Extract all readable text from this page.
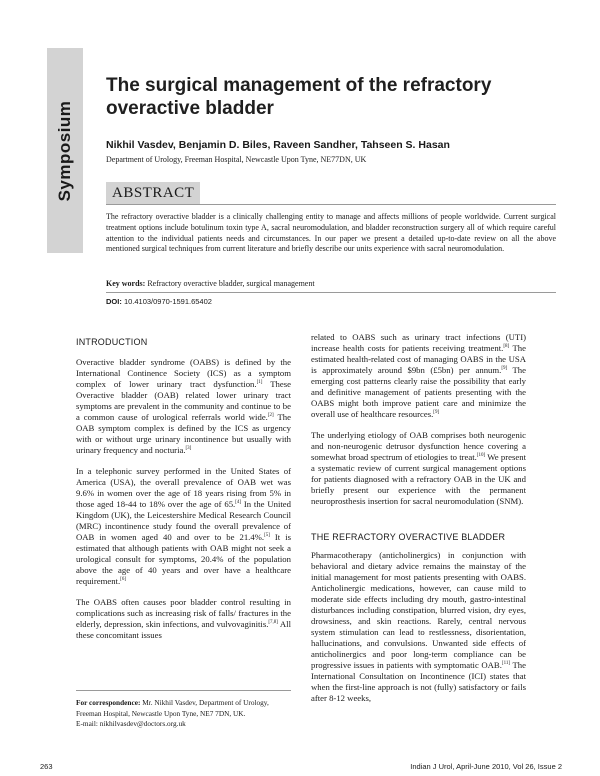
Symposium
The surgical management of the refractory overactive bladder
Nikhil Vasdev, Benjamin D. Biles, Raveen Sandher, Tahseen S. Hasan
Department of Urology, Freeman Hospital, Newcastle Upon Tyne, NE77DN, UK
ABSTRACT

The refractory overactive bladder is a clinically challenging entity to manage and affects millions of people worldwide. Current surgical treatment options include botulinum toxin type A, sacral neuromodulation, and bladder reconstruction surgery all of which require careful attention to the individual patients needs and circumstances. In our paper we present a detailed up-to-date review on all the above mentioned surgical techniques from current literature and briefly describe our units experience with sacral neuromodulation.

Key words: Refractory overactive bladder, surgical management

DOI: 10.4103/0970-1591.65402
INTRODUCTION

Overactive bladder syndrome (OABS) is defined by the International Continence Society (ICS) as a symptom complex of lower urinary tract dysfunction.[1] These Overactive bladder (OAB) related lower urinary tract symptoms are prevalent in the community and continue to be a common cause of urological referrals world wide.[2] The OAB symptom complex is defined by the ICS as urgency with or without urge urinary incontinence but usually with urinary frequency and nocturia.[3]

In a telephonic survey performed in the United States of America (USA), the overall prevalence of OAB wet was 9.6% in women over the age of 18 years rising from 5% in those aged 18-44 to 18% over the age of 65.[4] In the United Kingdom (UK), the Leicestershire Medical Research Council (MRC) incontinence study found the overall prevalence of OAB in women aged 40 and over to be 21.4%.[5] It is estimated that although patients with OAB might not seek a urological consult for symptoms, 20.4% of the population above the age of 40 years and over have a healthcare requirement.[6]

The OABS often causes poor bladder control resulting in complications such as increasing risk of falls/ fractures in the elderly, depression, skin infections, and vulvovaginitis.[7,8] All these concomitant issues

related to OABS such as urinary tract infections (UTI) increase health costs for patients receiving treatment.[8] The estimated health-related cost of managing OABS in the USA is approximately around $9bn (£5bn) per annum.[9] The emerging cost patterns clearly raise the possibility that early and definitive management of patients presenting with the OABS might both improve patient care and minimize the overall use of healthcare resources.[9]

The underlying etiology of OAB comprises both neurogenic and non-neurogenic detrusor dysfunction hence covering a somewhat broad spectrum of etiologies to treat.[10] We present a systematic review of current surgical management options for patients diagnosed with a refractory OAB in the UK and briefly present our experience with the permanent neuroprosthesis insertion for sacral neuromodulation (SNM).

THE REFRACTORY OVERACTIVE BLADDER

Pharmacotherapy (anticholinergics) in conjunction with behavioral and dietary advice remains the mainstay of the initial management for most patients presenting with OABS. Anticholinergic medications, however, can cause mild to moderate side effects including dry mouth, gastro-intestinal disturbances including constipation, blurred vision, dry eyes, drowsiness, and skin reactions. Rarely, central nervous system stimulation can lead to restlessness, disorientation, hallucinations, and convulsions. Unwanted side effects of anticholinergics and poor long-term compliance can be progressive issues in patients with symptomatic OAB.[11] The International Consultation on Incontinence (ICI) states that when the first-line approach is not (fully) satisfactory or fails after 8-12 weeks,

For correspondence: Mr. Nikhil Vasdev, Department of Urology, Freeman Hospital, Newcastle Upon Tyne, NE7 7DN, UK.
E-mail: nikhilvasdev@doctors.org.uk

263	Indian J Urol, April-June 2010, Vol 26, Issue 2
